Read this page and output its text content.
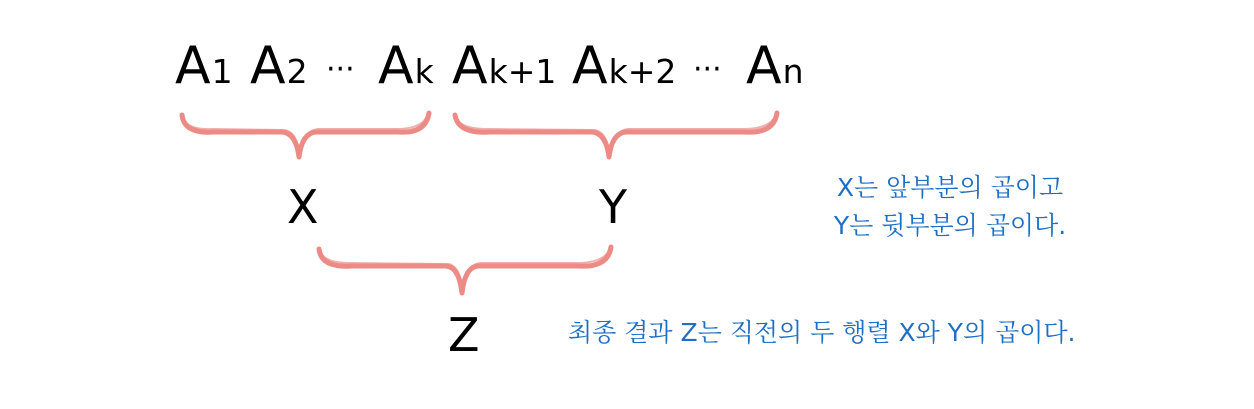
A1 A2 ··· Ak Ak+1 Ak+2 ··· An
X	Y
Z
X는 앞부분의 곱이고
Y는 뒷부분의 곱이다.
최종 결과 Z는 직전의 두 행렬 X와 Y의 곱이다.
